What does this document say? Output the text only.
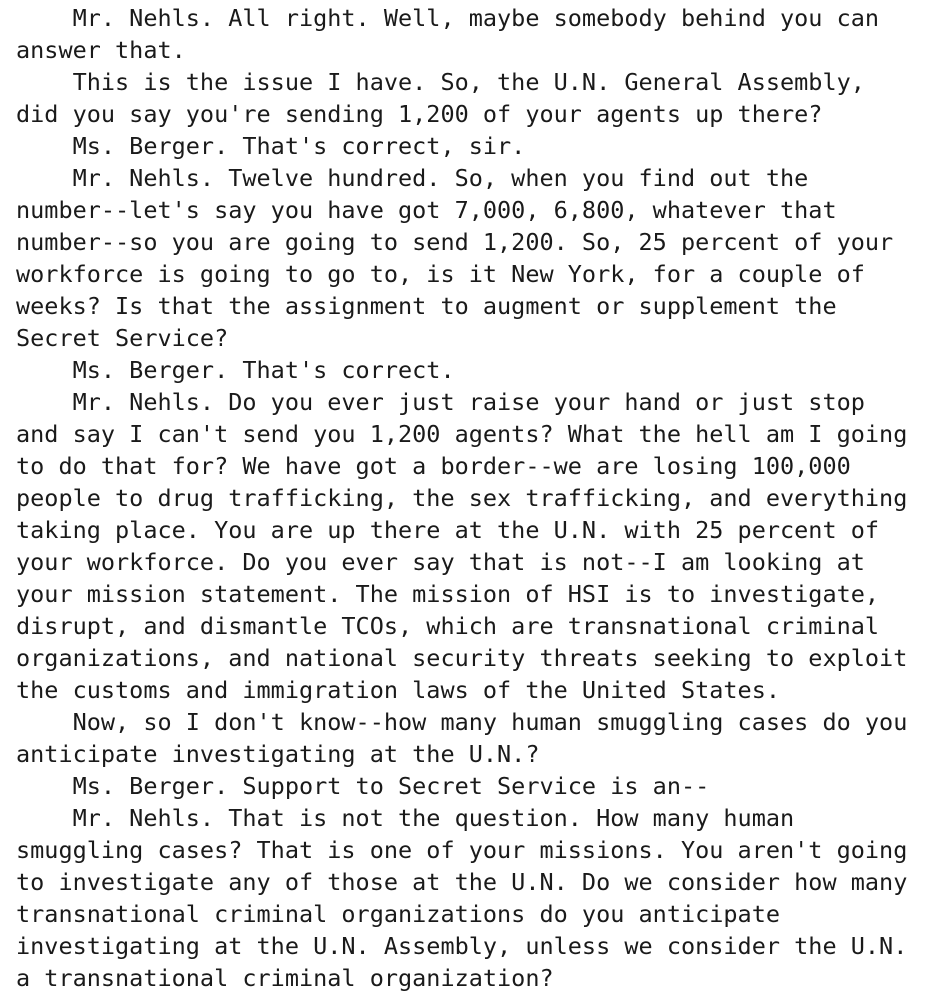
Mr. Nehls. All right. Well, maybe somebody behind you can
answer that.
This is the issue I have. So, the U.N. General Assembly,
did you say you're sending 1,200 of your agents up there?
Ms. Berger. That's correct, sir.
Mr. Nehls. Twelve hundred. So, when you find out the
number--let's say you have got 7,000, 6,800, whatever that
number--so you are going to send 1,200. So, 25 percent of your
workforce is going to go to, is it New York, for a couple of
weeks? Is that the assignment to augment or supplement the
Secret Service?
Ms. Berger. That's correct.
Mr. Nehls. Do you ever just raise your hand or just stop
and say I can't send you 1,200 agents? What the hell am I going
to do that for? We have got a border--we are losing 100,000
people to drug trafficking, the sex trafficking, and everything
taking place. You are up there at the U.N. with 25 percent of
your workforce. Do you ever say that is not--I am looking at
your mission statement. The mission of HSI is to investigate,
disrupt, and dismantle TCOs, which are transnational criminal
organizations, and national security threats seeking to exploit
the customs and immigration laws of the United States.
Now, so I don't know--how many human smuggling cases do you
anticipate investigating at the U.N.?
Ms. Berger. Support to Secret Service is an--
Mr. Nehls. That is not the question. How many human
smuggling cases? That is one of your missions. You aren't going
to investigate any of those at the U.N. Do we consider how many
transnational criminal organizations do you anticipate
investigating at the U.N. Assembly, unless we consider the U.N.
a transnational criminal organization?
